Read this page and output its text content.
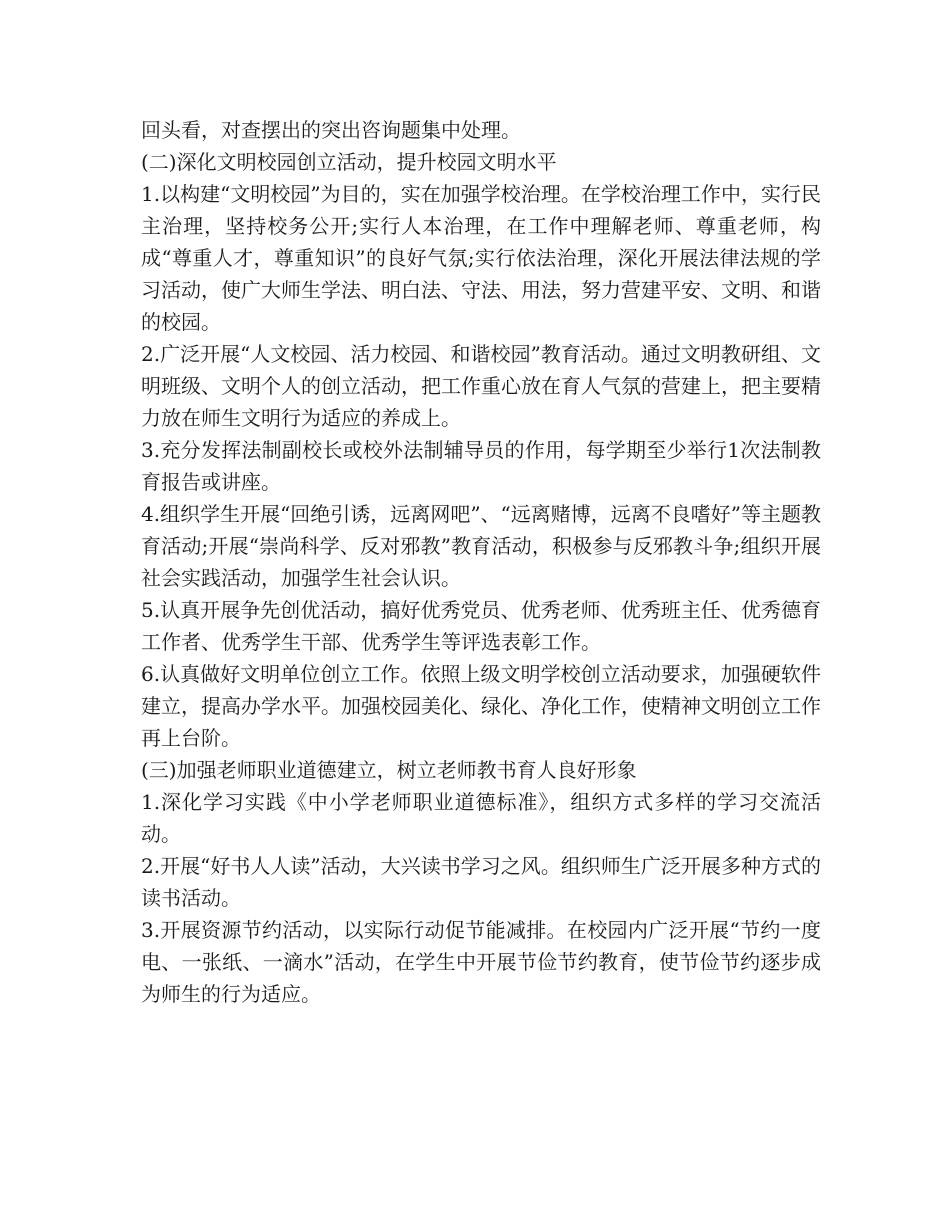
回头看，对查摆出的突出咨询题集中处理。

(二)深化文明校园创立活动，提升校园文明水平

1.以构建“文明校园”为目的，实在加强学校治理。在学校治理工作中，实行民主治理，坚持校务公开;实行人本治理，在工作中理解老师、尊重老师，构成“尊重人才，尊重知识”的良好气氛;实行依法治理，深化开展法律法规的学习活动，使广大师生学法、明白法、守法、用法，努力营建平安、文明、和谐的校园。

2.广泛开展“人文校园、活力校园、和谐校园”教育活动。通过文明教研组、文明班级、文明个人的创立活动，把工作重心放在育人气氛的营建上，把主要精力放在师生文明行为适应的养成上。

3.充分发挥法制副校长或校外法制辅导员的作用，每学期至少举行1次法制教育报告或讲座。

4.组织学生开展“回绝引诱，远离网吧”、“远离赌博，远离不良嗜好”等主题教育活动;开展“崇尚科学、反对邪教”教育活动，积极参与反邪教斗争;组织开展社会实践活动，加强学生社会认识。

5.认真开展争先创优活动，搞好优秀党员、优秀老师、优秀班主任、优秀德育工作者、优秀学生干部、优秀学生等评选表彰工作。

6.认真做好文明单位创立工作。依照上级文明学校创立活动要求，加强硬软件建立，提高办学水平。加强校园美化、绿化、净化工作，使精神文明创立工作再上台阶。

(三)加强老师职业道德建立，树立老师教书育人良好形象

1.深化学习实践《中小学老师职业道德标准》，组织方式多样的学习交流活动。

2.开展“好书人人读”活动，大兴读书学习之风。组织师生广泛开展多种方式的读书活动。

3.开展资源节约活动，以实际行动促节能减排。在校园内广泛开展“节约一度电、一张纸、一滴水”活动，在学生中开展节俭节约教育，使节俭节约逐步成为师生的行为适应。
